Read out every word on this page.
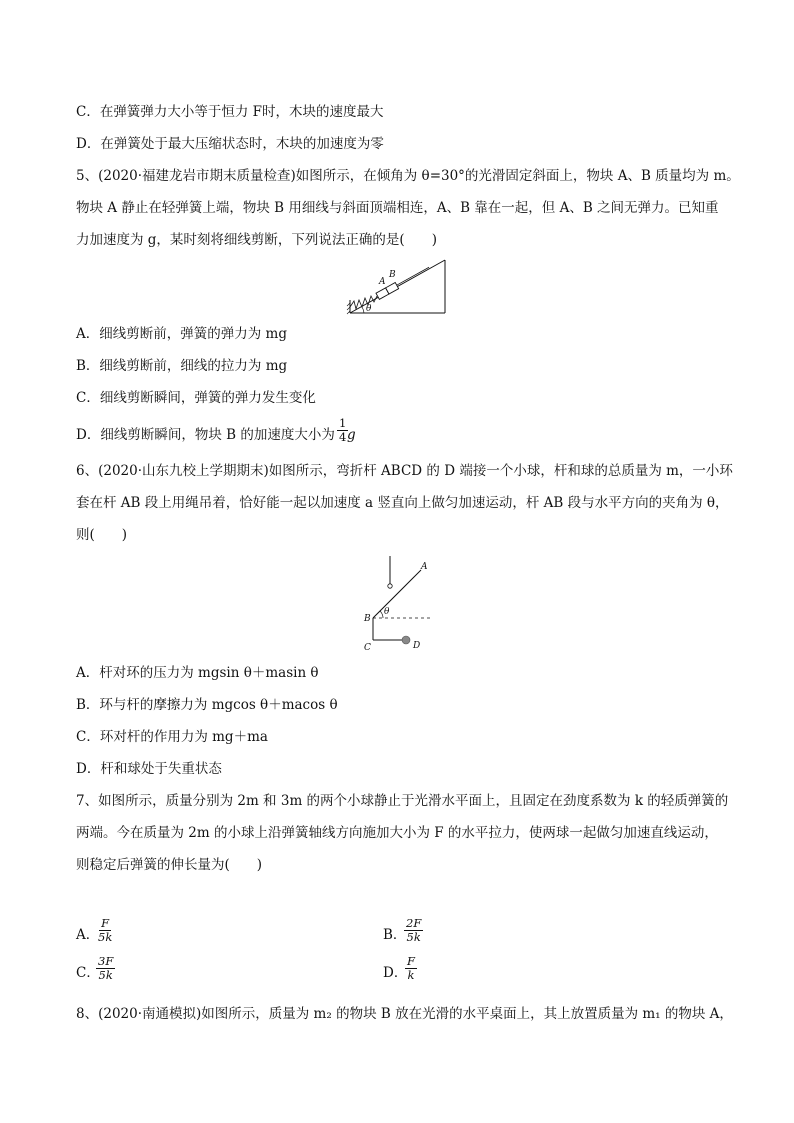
C．在弹簧弹力大小等于恒力 F时，木块的速度最大
D．在弹簧处于最大压缩状态时，木块的加速度为零
5、(2020·福建龙岩市期末质量检查)如图所示，在倾角为 θ=30°的光滑固定斜面上，物块 A、B 质量均为 m。
物块 A 静止在轻弹簧上端，物块 B 用细线与斜面顶端相连，A、B 靠在一起，但 A、B 之间无弹力。已知重
力加速度为 g，某时刻将细线剪断，下列说法正确的是(　　)
θ
A
B
A．细线剪断前，弹簧的弹力为 mg
B．细线剪断前，细线的拉力为 mg
C．细线剪断瞬间，弹簧的弹力发生变化
D．细线剪断瞬间，物块 B 的加速度大小为 $\frac{1}{4}$
g
6、(2020·山东九校上学期期末)如图所示，弯折杆 ABCD 的 D 端接一个小球，杆和球的总质量为 m，一小环
套在杆 AB 段上用绳吊着，恰好能一起以加速度 a 竖直向上做匀加速运动，杆 AB 段与水平方向的夹角为 θ，
则(　　)
θ
A
B
C	D
A．杆对环的压力为 mgsin θ＋masin θ
B．环与杆的摩擦力为 mgcos θ＋macos θ
C．环对杆的作用力为 mg＋ma
D．杆和球处于失重状态
7、如图所示，质量分别为 2m 和 3m 的两个小球静止于光滑水平面上，且固定在劲度系数为 k 的轻质弹簧的
两端。今在质量为 2m 的小球上沿弹簧轴线方向施加大小为 F 的水平拉力，使两球一起做匀加速直线运动，
则稳定后弹簧的伸长量为(　　)
A．
$\frac{F}{5k}$	B．
$\frac{2F}{5k}$
C．
$\frac{3F}{5k}$	D．
$\frac{F}{k}$
8、(2020·南通模拟)如图所示，质量为 m₂ 的物块 B 放在光滑的水平桌面上，其上放置质量为 m₁ 的物块 A，
